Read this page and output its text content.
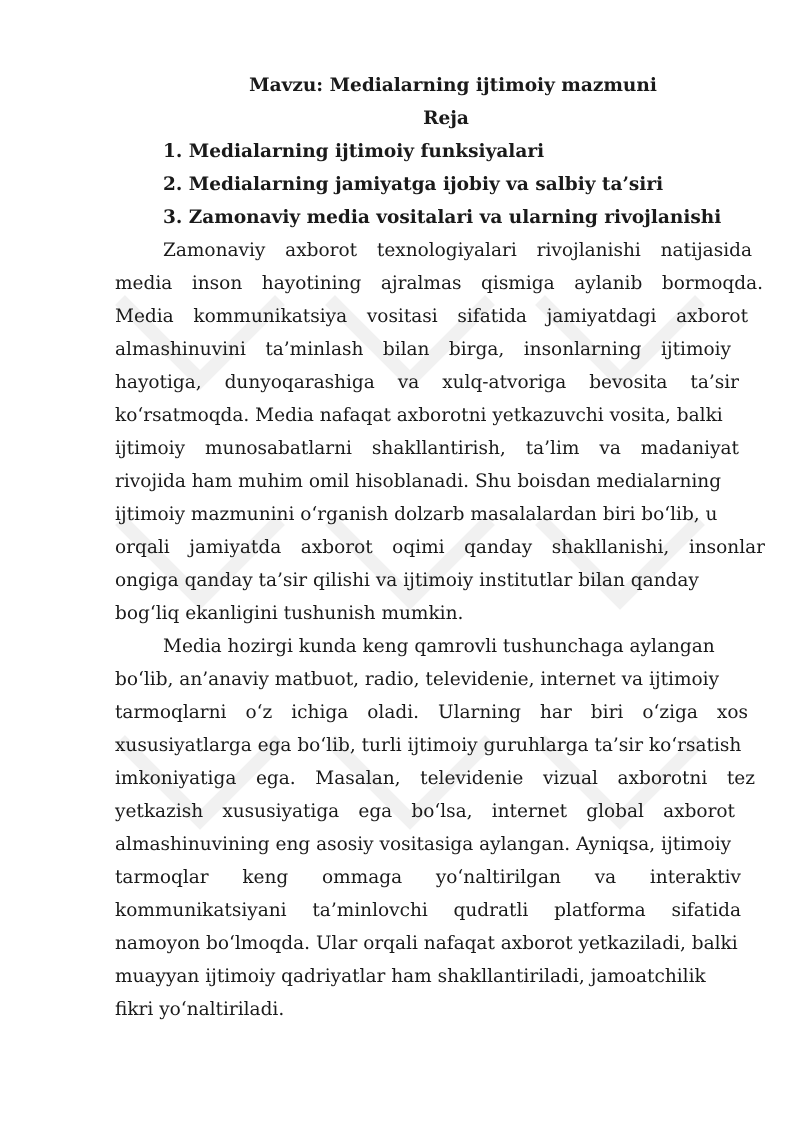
Mavzu: Medialarning ijtimoiy mazmuni
Reja
1. Medialarning ijtimoiy funksiyalari
2. Medialarning jamiyatga ijobiy va salbiy ta’siri
3. Zamonaviy media vositalari va ularning rivojlanishi
Zamonaviy axborot texnologiyalari rivojlanishi natijasida
media inson hayotining ajralmas qismiga aylanib bormoqda.
Media kommunikatsiya vositasi sifatida jamiyatdagi axborot
almashinuvini ta’minlash bilan birga, insonlarning ijtimoiy
hayotiga, dunyoqarashiga va xulq-atvoriga bevosita ta’sir
koʻrsatmoqda. Media nafaqat axborotni yetkazuvchi vosita, balki
ijtimoiy munosabatlarni shakllantirish, ta’lim va madaniyat
rivojida ham muhim omil hisoblanadi. Shu boisdan medialarning
ijtimoiy mazmunini oʻrganish dolzarb masalalardan biri boʻlib, u
orqali jamiyatda axborot oqimi qanday shakllanishi, insonlar
ongiga qanday ta’sir qilishi va ijtimoiy institutlar bilan qanday
bogʻliq ekanligini tushunish mumkin.
Media hozirgi kunda keng qamrovli tushunchaga aylangan
boʻlib, an’anaviy matbuot, radio, televidenie, internet va ijtimoiy
tarmoqlarni oʻz ichiga oladi. Ularning har biri oʻziga xos
xususiyatlarga ega boʻlib, turli ijtimoiy guruhlarga ta’sir koʻrsatish
imkoniyatiga ega. Masalan, televidenie vizual axborotni tez
yetkazish xususiyatiga ega boʻlsa, internet global axborot
almashinuvining eng asosiy vositasiga aylangan. Ayniqsa, ijtimoiy
tarmoqlar keng ommaga yoʻnaltirilgan va interaktiv
kommunikatsiyani ta’minlovchi qudratli platforma sifatida
namoyon boʻlmoqda. Ular orqali nafaqat axborot yetkaziladi, balki
muayyan ijtimoiy qadriyatlar ham shakllantiriladi, jamoatchilik
fikri yoʻnaltiriladi.
